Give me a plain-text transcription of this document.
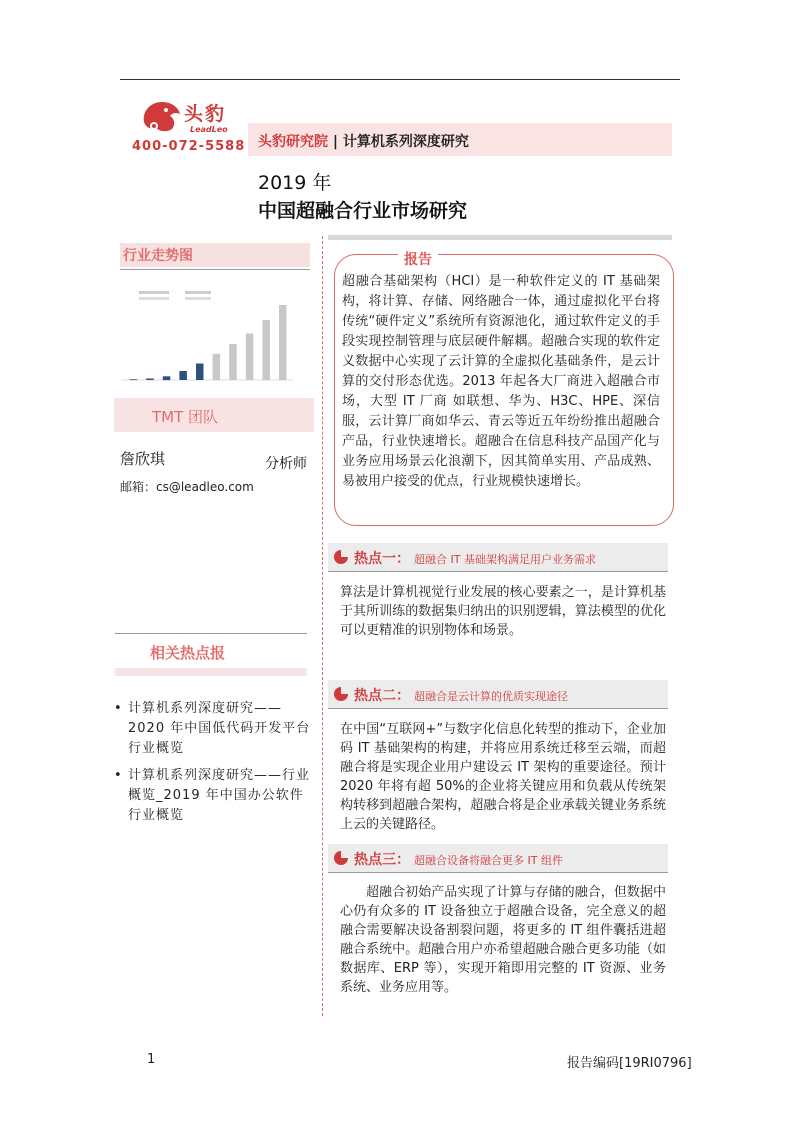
头豹
LeadLeo
400-072-5588 头豹研究院 | 计算机系列深度研究
2019 年
中国超融合行业市场研究
行业走势图
TMT 团队
詹欣琪	分析师
邮箱：cs@leadleo.com
相关热点报
• 计算机系列深度研究——2020 年中国低代码开发平台行业概览
• 计算机系列深度研究——行业概览_2019 年中国办公软件行业概览
报告
超融合基础架构（HCI）是一种软件定义的 IT 基础架构，将计算、存储、网络融合一体，通过虚拟化平台将传统“硬件定义”系统所有资源池化，通过软件定义的手段实现控制管理与底层硬件解耦。超融合实现的软件定义数据中心实现了云计算的全虚拟化基础条件，是云计算的交付形态优选。2013 年起各大厂商进入超融合市场，大型 IT 厂商 如联想、华为、H3C、HPE、深信服，云计算厂商如华云、青云等近五年纷纷推出超融合产品，行业快速增长。超融合在信息科技产品国产化与业务应用场景云化浪潮下，因其简单实用、产品成熟、易被用户接受的优点，行业规模快速增长。
热点一： 超融合 IT 基础架构满足用户业务需求
算法是计算机视觉行业发展的核心要素之一，是计算机基于其所训练的数据集归纳出的识别逻辑，算法模型的优化可以更精准的识别物体和场景。
热点二： 超融合是云计算的优质实现途径
在中国“互联网+”与数字化信息化转型的推动下，企业加码 IT 基础架构的构建，并将应用系统迁移至云端，而超融合将是实现企业用户建设云 IT 架构的重要途径。预计 2020 年将有超 50%的企业将关键应用和负载从传统架构转移到超融合架构，超融合将是企业承载关键业务系统上云的关键路径。
热点三： 超融合设备将融合更多 IT 组件
超融合初始产品实现了计算与存储的融合，但数据中心仍有众多的 IT 设备独立于超融合设备，完全意义的超融合需要解决设备割裂问题，将更多的 IT 组件囊括进超融合系统中。超融合用户亦希望超融合融合更多功能（如数据库、ERP 等），实现开箱即用完整的 IT 资源、业务系统、业务应用等。
1	报告编码[19RI0796]
